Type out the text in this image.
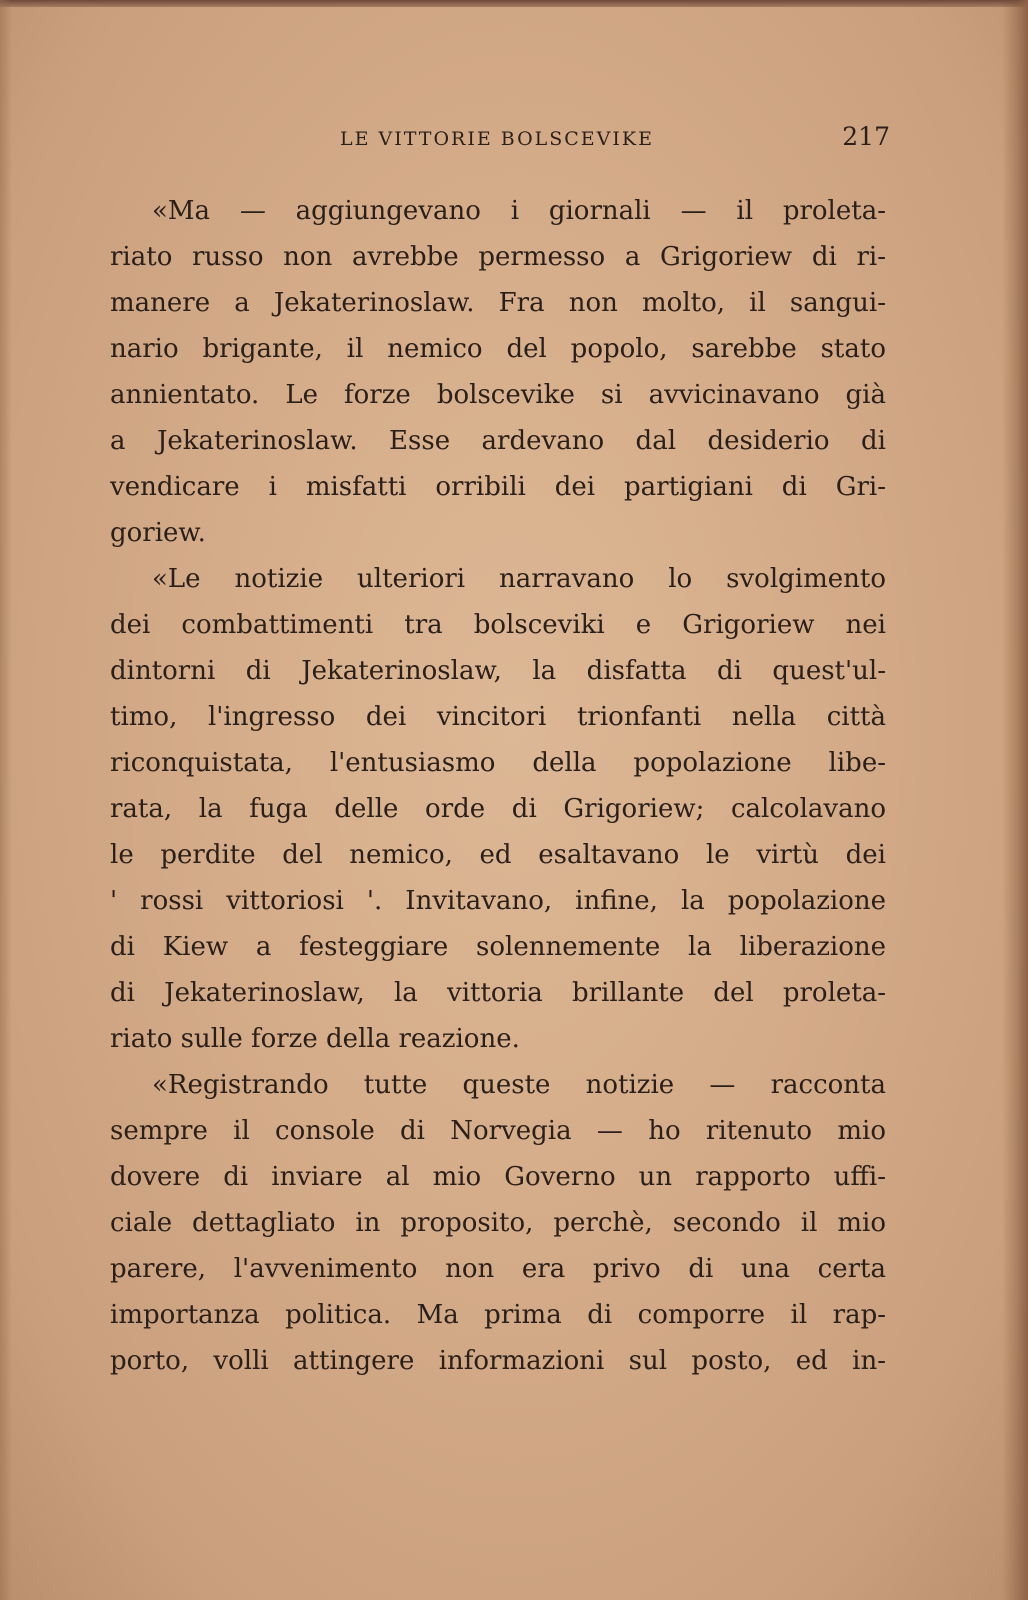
LE VITTORIE BOLSCEVIKE	217
«Ma — aggiungevano i giornali — il proleta-
riato russo non avrebbe permesso a Grigoriew di ri-
manere a Jekaterinoslaw. Fra non molto, il sangui-
nario brigante, il nemico del popolo, sarebbe stato
annientato. Le forze bolscevike si avvicinavano già
a Jekaterinoslaw. Esse ardevano dal desiderio di
vendicare i misfatti orribili dei partigiani di Gri-
goriew.
«Le notizie ulteriori narravano lo svolgimento
dei combattimenti tra bolsceviki e Grigoriew nei
dintorni di Jekaterinoslaw, la disfatta di quest'ul-
timo, l'ingresso dei vincitori trionfanti nella città
riconquistata, l'entusiasmo della popolazione libe-
rata, la fuga delle orde di Grigoriew; calcolavano
le perdite del nemico, ed esaltavano le virtù dei
' rossi vittoriosi '. Invitavano, infine, la popolazione
di Kiew a festeggiare solennemente la liberazione
di Jekaterinoslaw, la vittoria brillante del proleta-
riato sulle forze della reazione.
«Registrando tutte queste notizie — racconta
sempre il console di Norvegia — ho ritenuto mio
dovere di inviare al mio Governo un rapporto uffi-
ciale dettagliato in proposito, perchè, secondo il mio
parere, l'avvenimento non era privo di una certa
importanza politica. Ma prima di comporre il rap-
porto, volli attingere informazioni sul posto, ed in-
